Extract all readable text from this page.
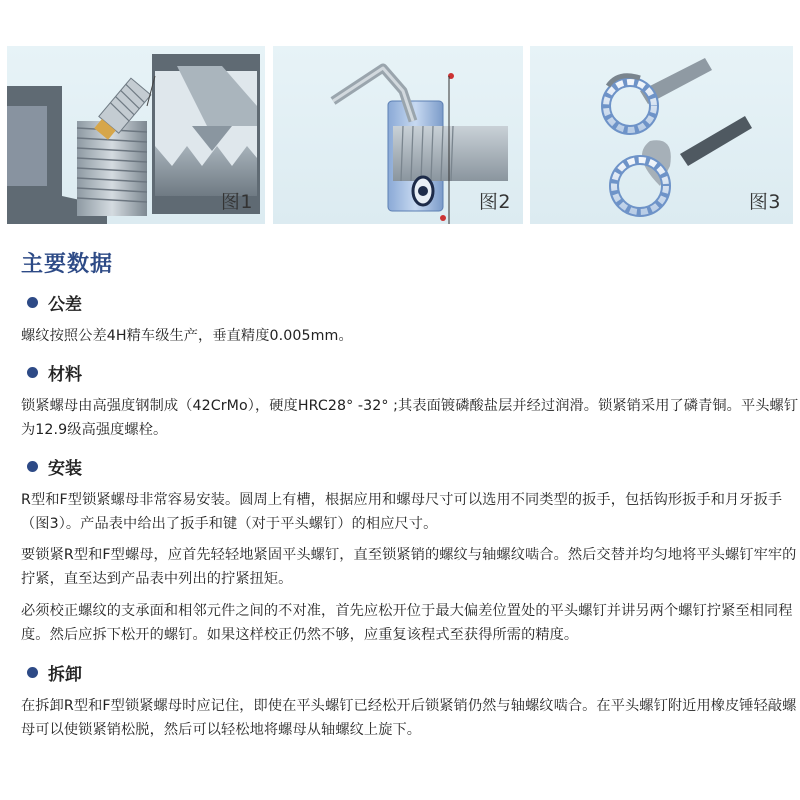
图1	图2	图3
主要数据
公差

螺纹按照公差4H精车级生产，垂直精度0.005mm。

材料

锁紧螺母由高强度钢制成（42CrMo），硬度HRC28° -32° ;其表面镀磷酸盐层并经过润滑。锁紧销采用了磷青铜。平头螺钉为12.9级高强度螺栓。

安装

R型和F型锁紧螺母非常容易安装。圆周上有槽，根据应用和螺母尺寸可以选用不同类型的扳手，包括钩形扳手和月牙扳手（图3）。产品表中给出了扳手和键（对于平头螺钉）的相应尺寸。

要锁紧R型和F型螺母，应首先轻轻地紧固平头螺钉，直至锁紧销的螺纹与轴螺纹啮合。然后交替并均匀地将平头螺钉牢牢的拧紧，直至达到产品表中列出的拧紧扭矩。

必须校正螺纹的支承面和相邻元件之间的不对准，首先应松开位于最大偏差位置处的平头螺钉并讲另两个螺钉拧紧至相同程度。然后应拆下松开的螺钉。如果这样校正仍然不够，应重复该程式至获得所需的精度。

拆卸

在拆卸R型和F型锁紧螺母时应记住，即使在平头螺钉已经松开后锁紧销仍然与轴螺纹啮合。在平头螺钉附近用橡皮锤轻敲螺母可以使锁紧销松脱，然后可以轻松地将螺母从轴螺纹上旋下。
